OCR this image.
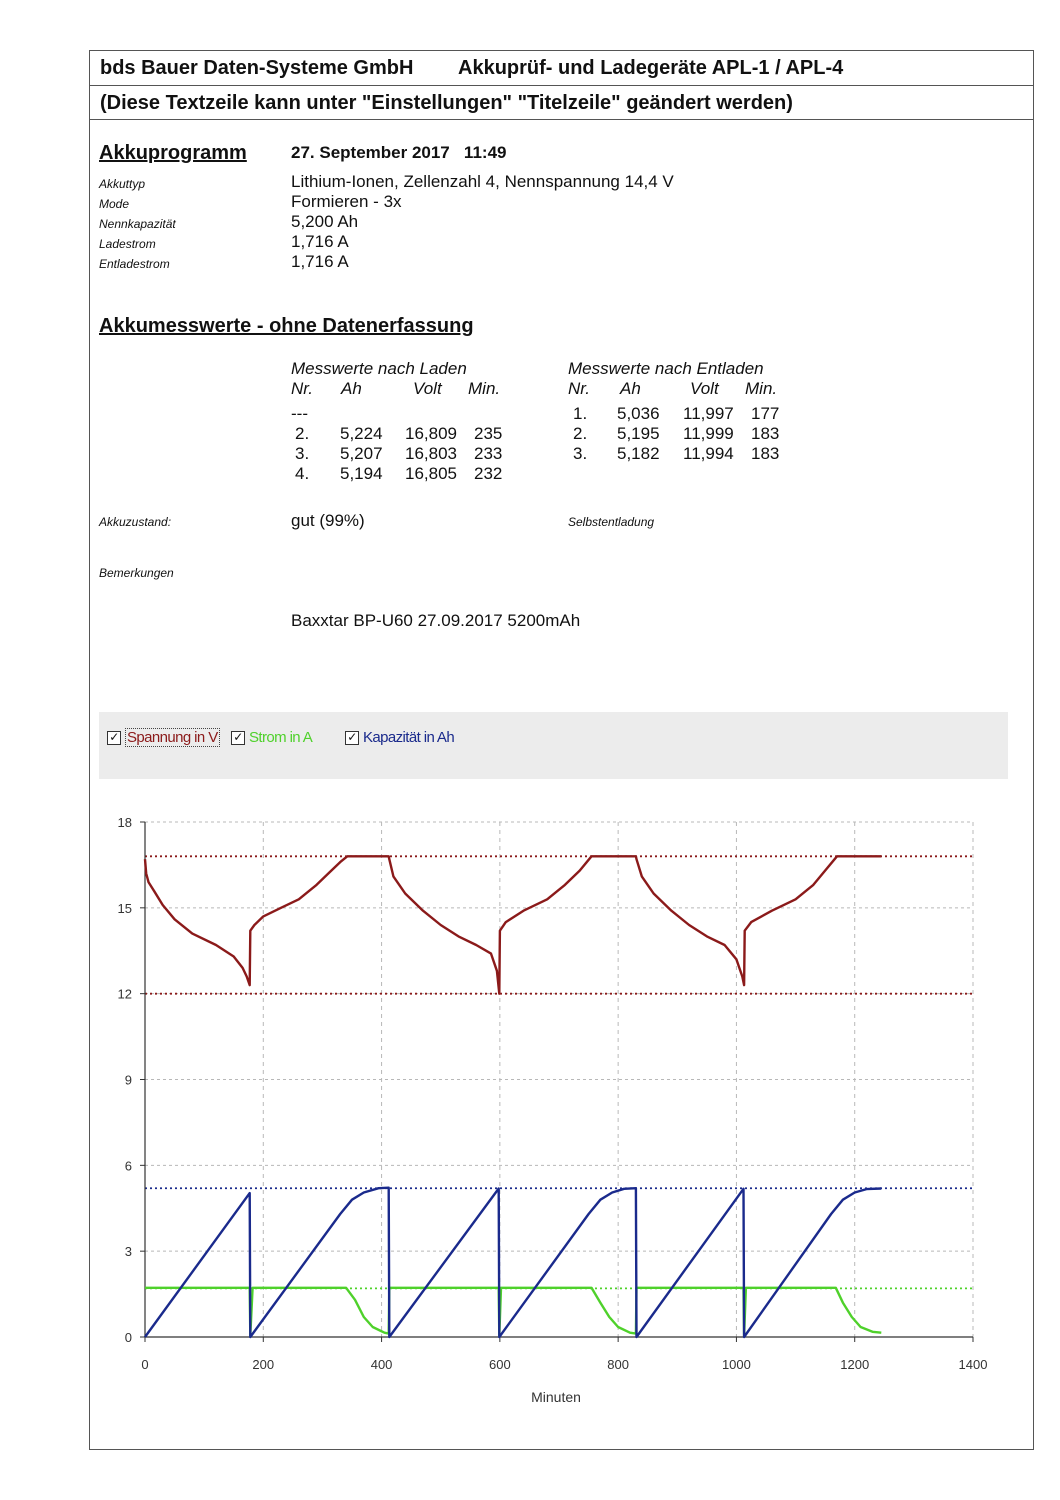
bds Bauer Daten-Systeme GmbH Akkuprüf- und Ladegeräte APL-1 / APL-4
(Diese Textzeile kann unter "Einstellungen" "Titelzeile" geändert werden)
Akkuprogramm	27. September 2017   11:49
Akkuttyp	Lithium-Ionen, Zellenzahl 4, Nennspannung 14,4 V
Mode	Formieren - 3x
Nennkapazität	5,200 Ah
Ladestrom	1,716 A
Entladestrom	1,716 A
Akkumesswerte - ohne Datenerfassung
Messwerte nach Laden
Nr. Ah	Volt Min.
---
2. 5,224 16,809 235
3. 5,207 16,803 233
4. 5,194 16,805 232
Messwerte nach Entladen
Nr. Ah	Volt Min.
1. 5,036 11,997 177
2. 5,195 11,999 183
3. 5,182 11,994 183
Akkuzustand:	gut (99%)	Selbstentladung
Bemerkungen
Baxxtar BP-U60 27.09.2017 5200mAh
✓ Spannung in V ✓ Strom in A	✓ Kapazität in Ah
0	200	400	600	800	1000	1200	1400
0
3
6
9
12
15
18
Minuten
